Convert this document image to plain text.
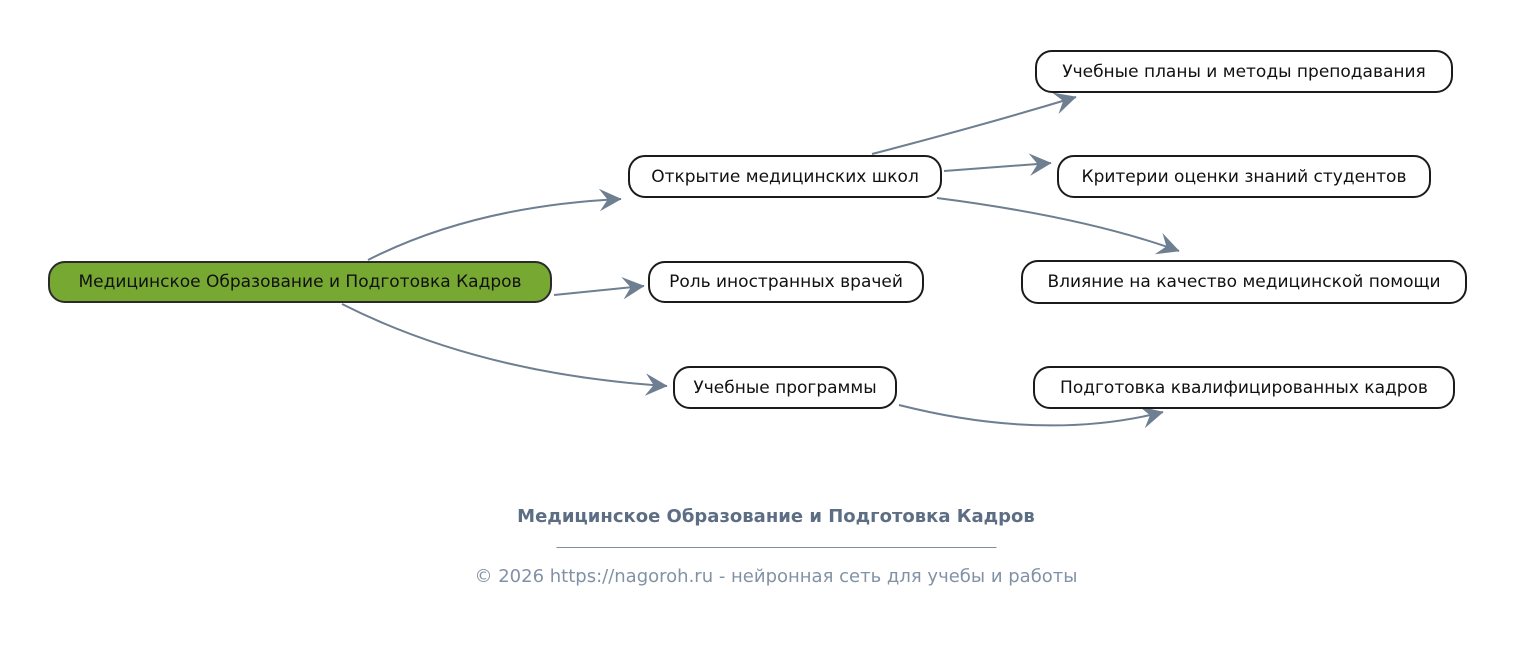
Медицинское Образование и Подготовка Кадров
Открытие медицинских школ
Роль иностранных врачей
Учебные программы
Учебные планы и методы преподавания
Критерии оценки знаний студентов
Влияние на качество медицинской помощи
Подготовка квалифицированных кадров
Медицинское Образование и Подготовка Кадров
© 2026 https://nagoroh.ru - нейронная сеть для учебы и работы
